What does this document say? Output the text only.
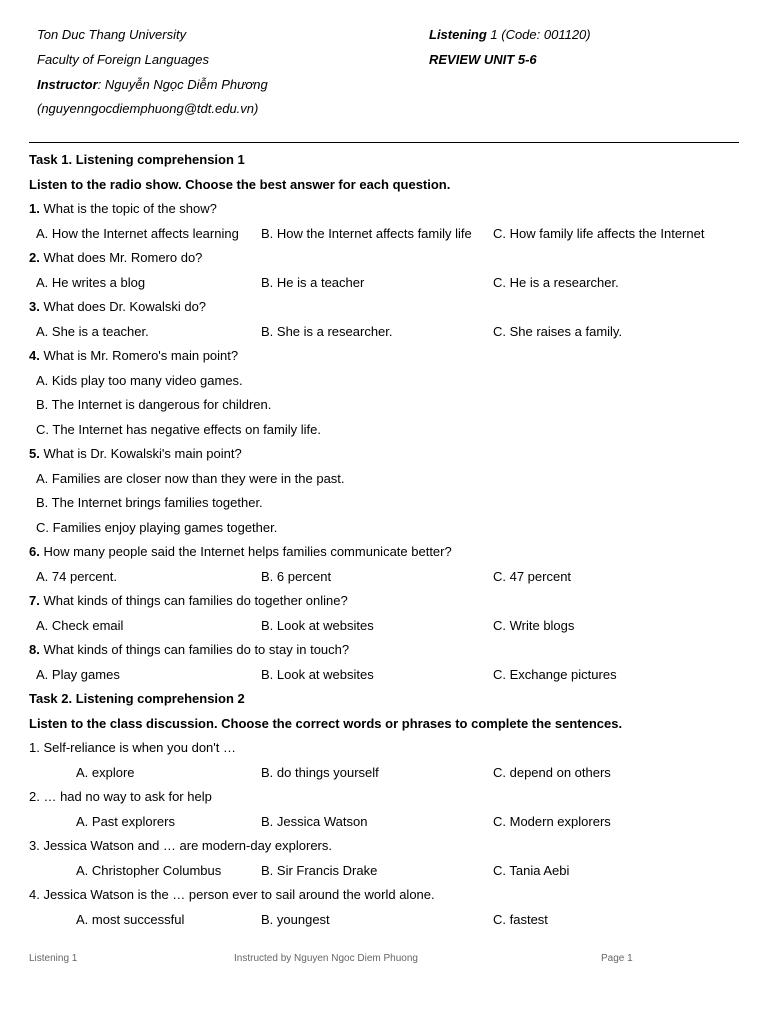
Ton Duc Thang University
Faculty of Foreign Languages
Instructor: Nguyễn Ngọc Diễm Phương
(nguyenngocdiemphuong@tdt.edu.vn)
Listening 1 (Code: 001120)
REVIEW UNIT 5-6
Task 1. Listening comprehension 1
Listen to the radio show. Choose the best answer for each question.
1. What is the topic of the show?
A. How the Internet affects learning B. How the Internet affects family life C. How family life affects the Internet
2. What does Mr. Romero do?
A. He writes a blog	B. He is a teacher	C. He is a researcher.
3. What does Dr. Kowalski do?
A. She is a teacher.	B. She is a researcher.	C. She raises a family.
4. What is Mr. Romero's main point?
A. Kids play too many video games.
B. The Internet is dangerous for children.
C. The Internet has negative effects on family life.
5. What is Dr. Kowalski's main point?
A. Families are closer now than they were in the past.
B. The Internet brings families together.
C. Families enjoy playing games together.
6. How many people said the Internet helps families communicate better?
A. 74 percent.	B. 6 percent	C. 47 percent
7. What kinds of things can families do together online?
A. Check email	B. Look at websites	C. Write blogs
8. What kinds of things can families do to stay in touch?
A. Play games	B. Look at websites	C. Exchange pictures
Task 2. Listening comprehension 2
Listen to the class discussion. Choose the correct words or phrases to complete the sentences.
1. Self-reliance is when you don't …
A. explore	B. do things yourself	C. depend on others
2. … had no way to ask for help
A. Past explorers	B. Jessica Watson	C. Modern explorers
3. Jessica Watson and … are modern-day explorers.
A. Christopher Columbus	B. Sir Francis Drake	C. Tania Aebi
4. Jessica Watson is the … person ever to sail around the world alone.
A. most successful	B. youngest	C. fastest
Listening 1	Instructed by Nguyen Ngoc Diem Phuong	Page 1
